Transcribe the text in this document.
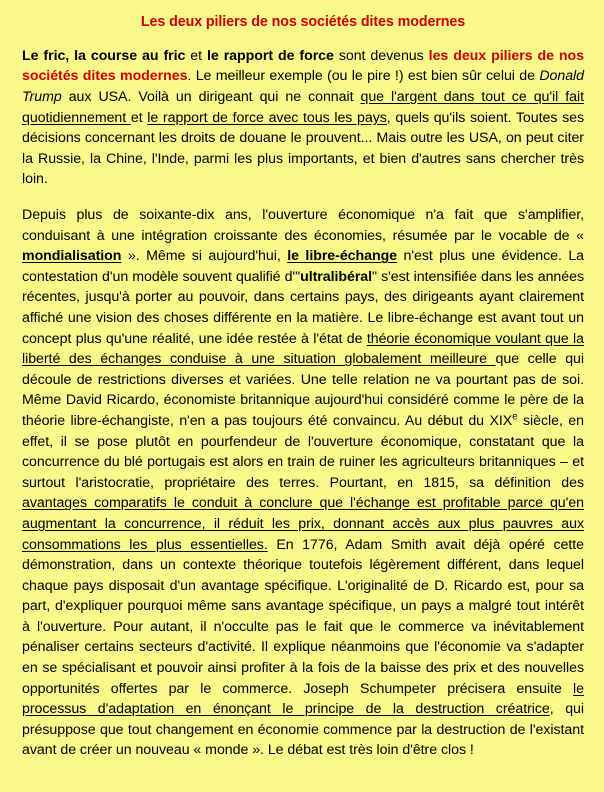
Les deux piliers de nos sociétés dites modernes

Le fric, la course au fric et le rapport de force sont devenus les deux piliers de nos sociétés dites modernes. Le meilleur exemple (ou le pire !) est bien sûr celui de Donald Trump aux USA. Voilà un dirigeant qui ne connait que l'argent dans tout ce qu'il fait quotidiennement et le rapport de force avec tous les pays, quels qu'ils soient. Toutes ses décisions concernant les droits de douane le prouvent... Mais outre les USA, on peut citer la Russie, la Chine, l'Inde, parmi les plus importants, et bien d'autres sans chercher très loin.

Depuis plus de soixante-dix ans, l'ouverture économique n'a fait que s'amplifier, conduisant à une intégration croissante des économies, résumée par le vocable de « mondialisation ». Même si aujourd'hui, le libre-échange n'est plus une évidence. La contestation d'un modèle souvent qualifié d'"ultralibéral" s'est intensifiée dans les années récentes, jusqu'à porter au pouvoir, dans certains pays, des dirigeants ayant clairement affiché une vision des choses différente en la matière. Le libre-échange est avant tout un concept plus qu'une réalité, une idée restée à l'état de théorie économique voulant que la liberté des échanges conduise à une situation globalement meilleure que celle qui découle de restrictions diverses et variées. Une telle relation ne va pourtant pas de soi. Même David Ricardo, économiste britannique aujourd'hui considéré comme le père de la théorie libre-échangiste, n'en a pas toujours été convaincu. Au début du XIXe siècle, en effet, il se pose plutôt en pourfendeur de l'ouverture économique, constatant que la concurrence du blé portugais est alors en train de ruiner les agriculteurs britanniques – et surtout l'aristocratie, propriétaire des terres. Pourtant, en 1815, sa définition des avantages comparatifs le conduit à conclure que l'échange est profitable parce qu'en augmentant la concurrence, il réduit les prix, donnant accès aux plus pauvres aux consommations les plus essentielles. En 1776, Adam Smith avait déjà opéré cette démonstration, dans un contexte théorique toutefois légèrement différent, dans lequel chaque pays disposait d'un avantage spécifique. L'originalité de D. Ricardo est, pour sa part, d'expliquer pourquoi même sans avantage spécifique, un pays a malgré tout intérêt à l'ouverture. Pour autant, il n'occulte pas le fait que le commerce va inévitablement pénaliser certains secteurs d'activité. Il explique néanmoins que l'économie va s'adapter en se spécialisant et pouvoir ainsi profiter à la fois de la baisse des prix et des nouvelles opportunités offertes par le commerce. Joseph Schumpeter précisera ensuite le processus d'adaptation en énonçant le principe de la destruction créatrice, qui présuppose que tout changement en économie commence par la destruction de l'existant avant de créer un nouveau « monde ». Le débat est très loin d'être clos !
